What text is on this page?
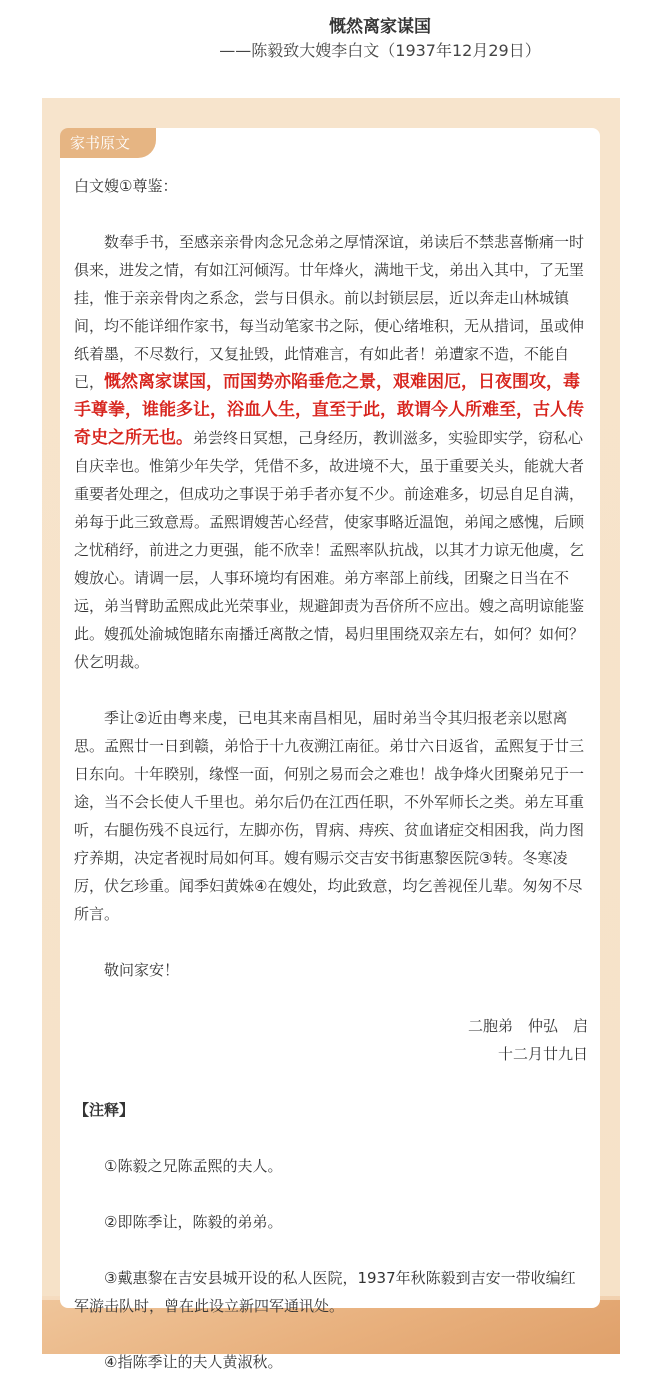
慨然离家谋国
——陈毅致大嫂李白文（1937年12月29日）
家书原文

白文嫂①尊鉴：

数奉手书，至感亲亲骨肉念兄念弟之厚情深谊，弟读后不禁悲喜惭痛一时俱来，进发之情，有如江河倾泻。廿年烽火，满地干戈，弟出入其中，了无罣挂，惟于亲亲骨肉之系念，尝与日俱永。前以封锁层层，近以奔走山林城镇间，均不能详细作家书，每当动笔家书之际，便心绪堆积，无从措词，虽或伸纸着墨，不尽数行，又复扯毁，此情难言，有如此者！弟遭家不造，不能自已，慨然离家谋国，而国势亦陷垂危之景，艰难困厄，日夜围攻，毒手尊拳，谁能多让，浴血人生，直至于此，敢谓今人所难至，古人传奇史之所无也。弟尝终日冥想，己身经历，教训滋多，实验即实学，窃私心自庆幸也。惟第少年失学，凭借不多，故进境不大，虽于重要关头，能就大者重要者处理之，但成功之事误于弟手者亦复不少。前途难多，切忌自足自满，弟每于此三致意焉。孟熙谓嫂苦心经营，使家事略近温饱，弟闻之感愧，后顾之忧稍纾，前进之力更强，能不欣幸！孟熙率队抗战，以其才力谅无他虞，乞嫂放心。请调一层，人事环境均有困难。弟方率部上前线，团聚之日当在不远，弟当臂助孟熙成此光荣事业，规避卸责为吾侪所不应出。嫂之高明谅能鉴此。嫂孤处渝城饱睹东南播迁离散之情，曷归里围绕双亲左右，如何？如何？伏乞明裁。

季让②近由粤来虔，已电其来南昌相见，届时弟当令其归报老亲以慰离思。孟熙廿一日到赣，弟恰于十九夜溯江南征。弟廿六日返省，孟熙复于廿三日东向。十年睽别，缘悭一面，何别之易而会之难也！战争烽火团聚弟兄于一途，当不会长使人千里也。弟尔后仍在江西任职，不外军师长之类。弟左耳重听，右腿伤残不良远行，左脚亦伤，胃病、痔疾、贫血诸症交相困我，尚力图疗养期，决定者视时局如何耳。嫂有赐示交吉安书街惠黎医院③转。冬寒凌厉，伏乞珍重。闻季妇黄姝④在嫂处，均此致意，均乞善视侄儿辈。匆匆不尽所言。

敬问家安！

二胞弟　仲弘　启

十二月廿九日

【注释】

①陈毅之兄陈孟熙的夫人。

②即陈季让，陈毅的弟弟。

③戴惠黎在吉安县城开设的私人医院，1937年秋陈毅到吉安一带收编红军游击队时，曾在此设立新四军通讯处。

④指陈季让的夫人黄淑秋。
